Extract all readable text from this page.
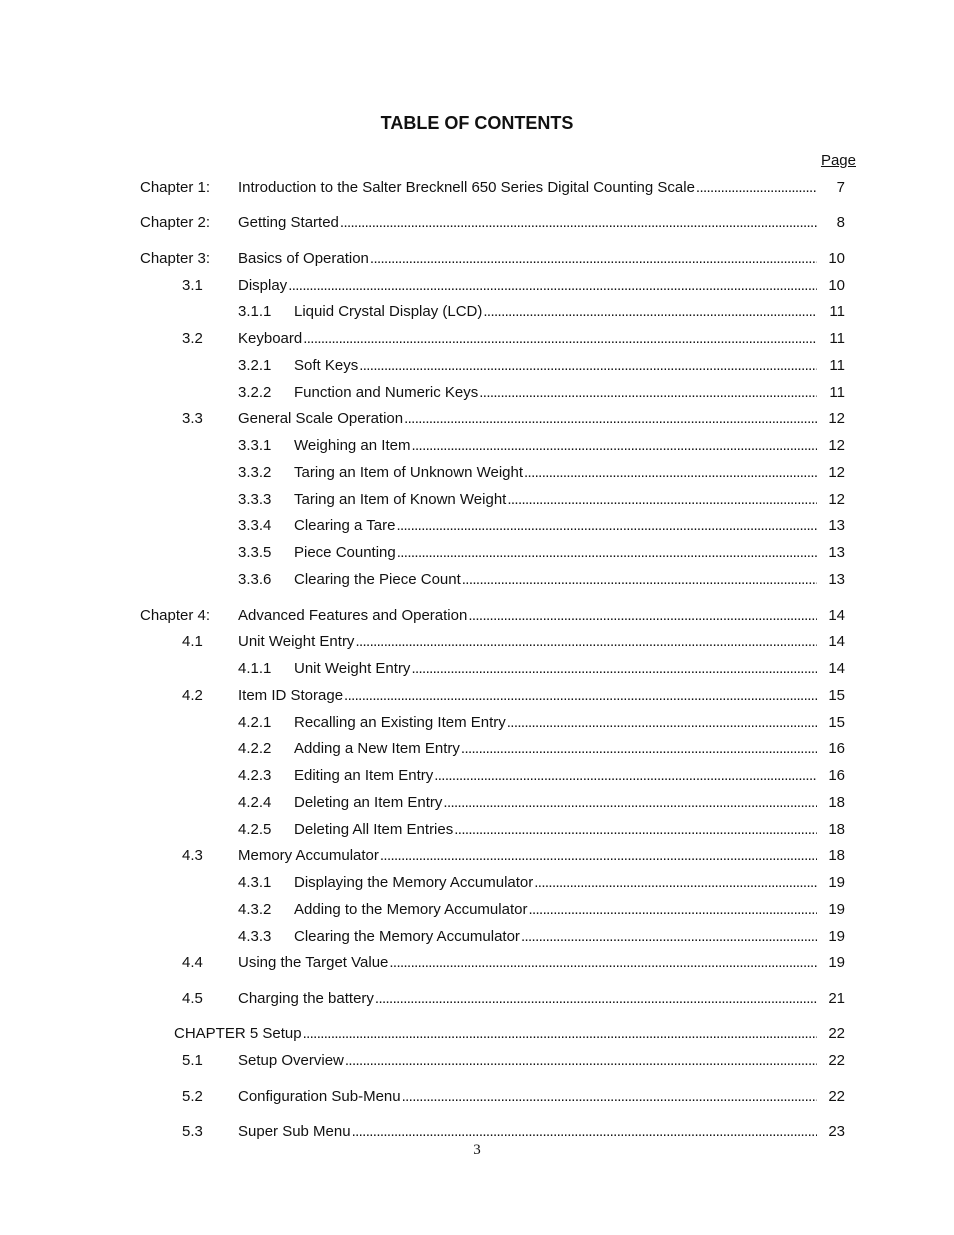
TABLE OF CONTENTS
Page
Chapter 1: Introduction to the Salter Brecknell 650 Series Digital Counting Scale . . .	7
Chapter 2: Getting Started . . .	8
Chapter 3: Basics of Operation . . .	10
3.1 Display . . .	10
3.1.1 Liquid Crystal Display (LCD) . . .	11
3.2 Keyboard . . .	11
3.2.1 Soft Keys . . .	11
3.2.2 Function and Numeric Keys . . .	11
3.3 General Scale Operation . . .	12
3.3.1 Weighing an Item . . .	12
3.3.2 Taring an Item of Unknown Weight . . .	12
3.3.3 Taring an Item of Known Weight . . .	12
3.3.4 Clearing a Tare . . .	13
3.3.5 Piece Counting . . .	13
3.3.6 Clearing the Piece Count . . .	13
Chapter 4: Advanced Features and Operation . . .	14
4.1 Unit Weight Entry . . .	14
4.1.1 Unit Weight Entry . . .	14
4.2 Item ID Storage . . .	15
4.2.1 Recalling an Existing Item Entry . . .	15
4.2.2 Adding a New Item Entry . . .	16
4.2.3 Editing an Item Entry . . .	16
4.2.4 Deleting an Item Entry . . .	18
4.2.5 Deleting All Item Entries . . .	18
4.3 Memory Accumulator . . .	18
4.3.1 Displaying the Memory Accumulator . . .	19
4.3.2 Adding to the Memory Accumulator . . .	19
4.3.3 Clearing the Memory Accumulator . . .	19
4.4 Using the Target Value . . .	19
4.5 Charging the battery . . .	21
CHAPTER 5 Setup . . .	22
5.1 Setup Overview . . .	22
5.2 Configuration Sub-Menu . . .	22
5.3 Super Sub Menu . . .	23
3
